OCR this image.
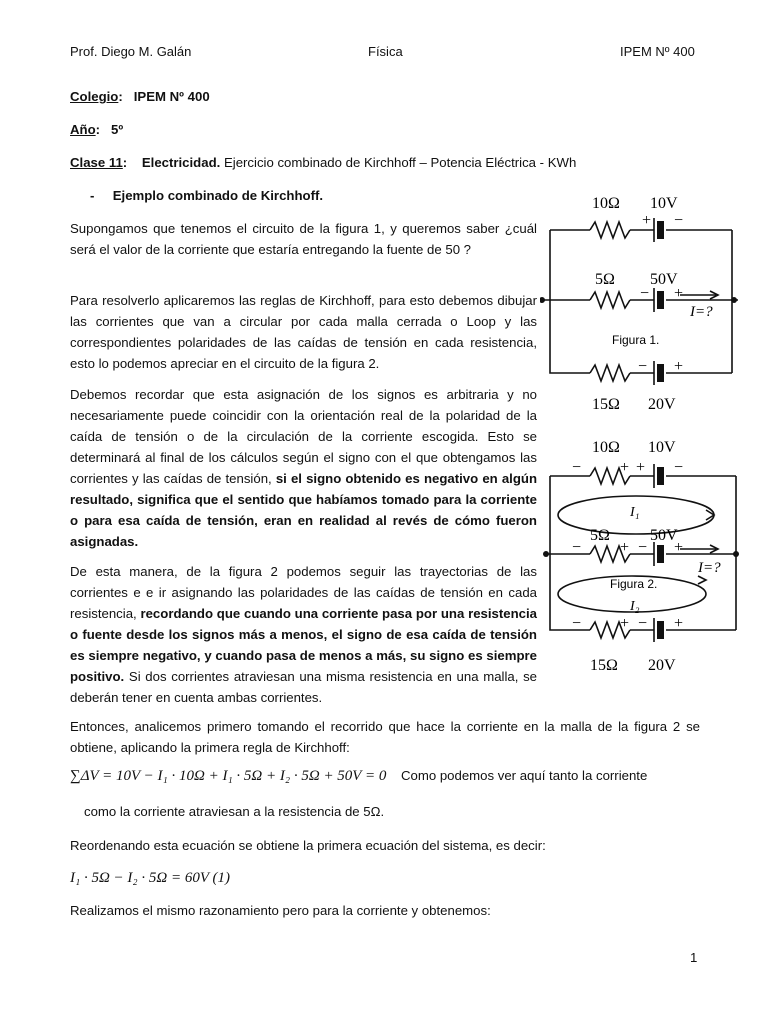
Prof. Diego M. Galán	Física	IPEM Nº 400
Colegio:   IPEM Nº 400
Año:   5º
Clase 11: Electricidad. Ejercicio combinado de Kirchhoff – Potencia Eléctrica - KWh
- Ejemplo combinado de Kirchhoff.

Supongamos que tenemos el circuito de la figura 1, y queremos saber ¿cuál será el valor de la corriente que estaría entregando la fuente de 50 ?

Para resolverlo aplicaremos las reglas de Kirchhoff, para esto debemos dibujar las corrientes que van a circular por cada malla cerrada o Loop y las correspondientes polaridades de las caídas de tensión en cada resistencia, esto lo podemos apreciar en el circuito de la figura 2.

Debemos recordar que esta asignación de los signos es arbitraria y no necesariamente puede coincidir con la orientación real de la polaridad de la caída de tensión o de la circulación de la corriente escogida. Esto se determinará al final de los cálculos según el signo con el que obtengamos las corrientes y las caídas de tensión, si el signo obtenido es negativo en algún resultado, significa que el sentido que habíamos tomado para la corriente o para esa caída de tensión, eran en realidad al revés de cómo fueron asignadas.

De esta manera, de la figura 2 podemos seguir las trayectorias de las corrientes e e ir asignando las polaridades de las caídas de tensión en cada resistencia, recordando que cuando una corriente pasa por una resistencia o fuente desde los signos más a menos, el signo de esa caída de tensión es siempre negativo, y cuando pasa de menos a más, su signo es siempre positivo. Si dos corrientes atraviesan una misma resistencia en una malla, se deberán tener en cuenta ambas corrientes.

Entonces, analicemos primero tomando el recorrido que hace la corriente en la malla de la figura 2 se obtiene, aplicando la primera regla de Kirchhoff:

∑ΔV = 10V − I₁ · 10Ω + I₁ · 5Ω + I₂ · 5Ω + 50V = 0 Como podemos ver aquí tanto la corriente
como la corriente atraviesan a la resistencia de 5Ω.
Reordenando esta ecuación se obtiene la primera ecuación del sistema, es decir:
I₁ · 5Ω − I₂ · 5Ω = 60V (1)
Realizamos el mismo razonamiento pero para la corriente y obtenemos:
1
10Ω 10V
+ −
5Ω 50V
− +
I=?
Figura 1.
− +
15Ω 20V
10Ω 10V
− + + −
I₁
5Ω	50V
− + − +
I=?
Figura 2.
I₂
− + − +
15Ω 20V
